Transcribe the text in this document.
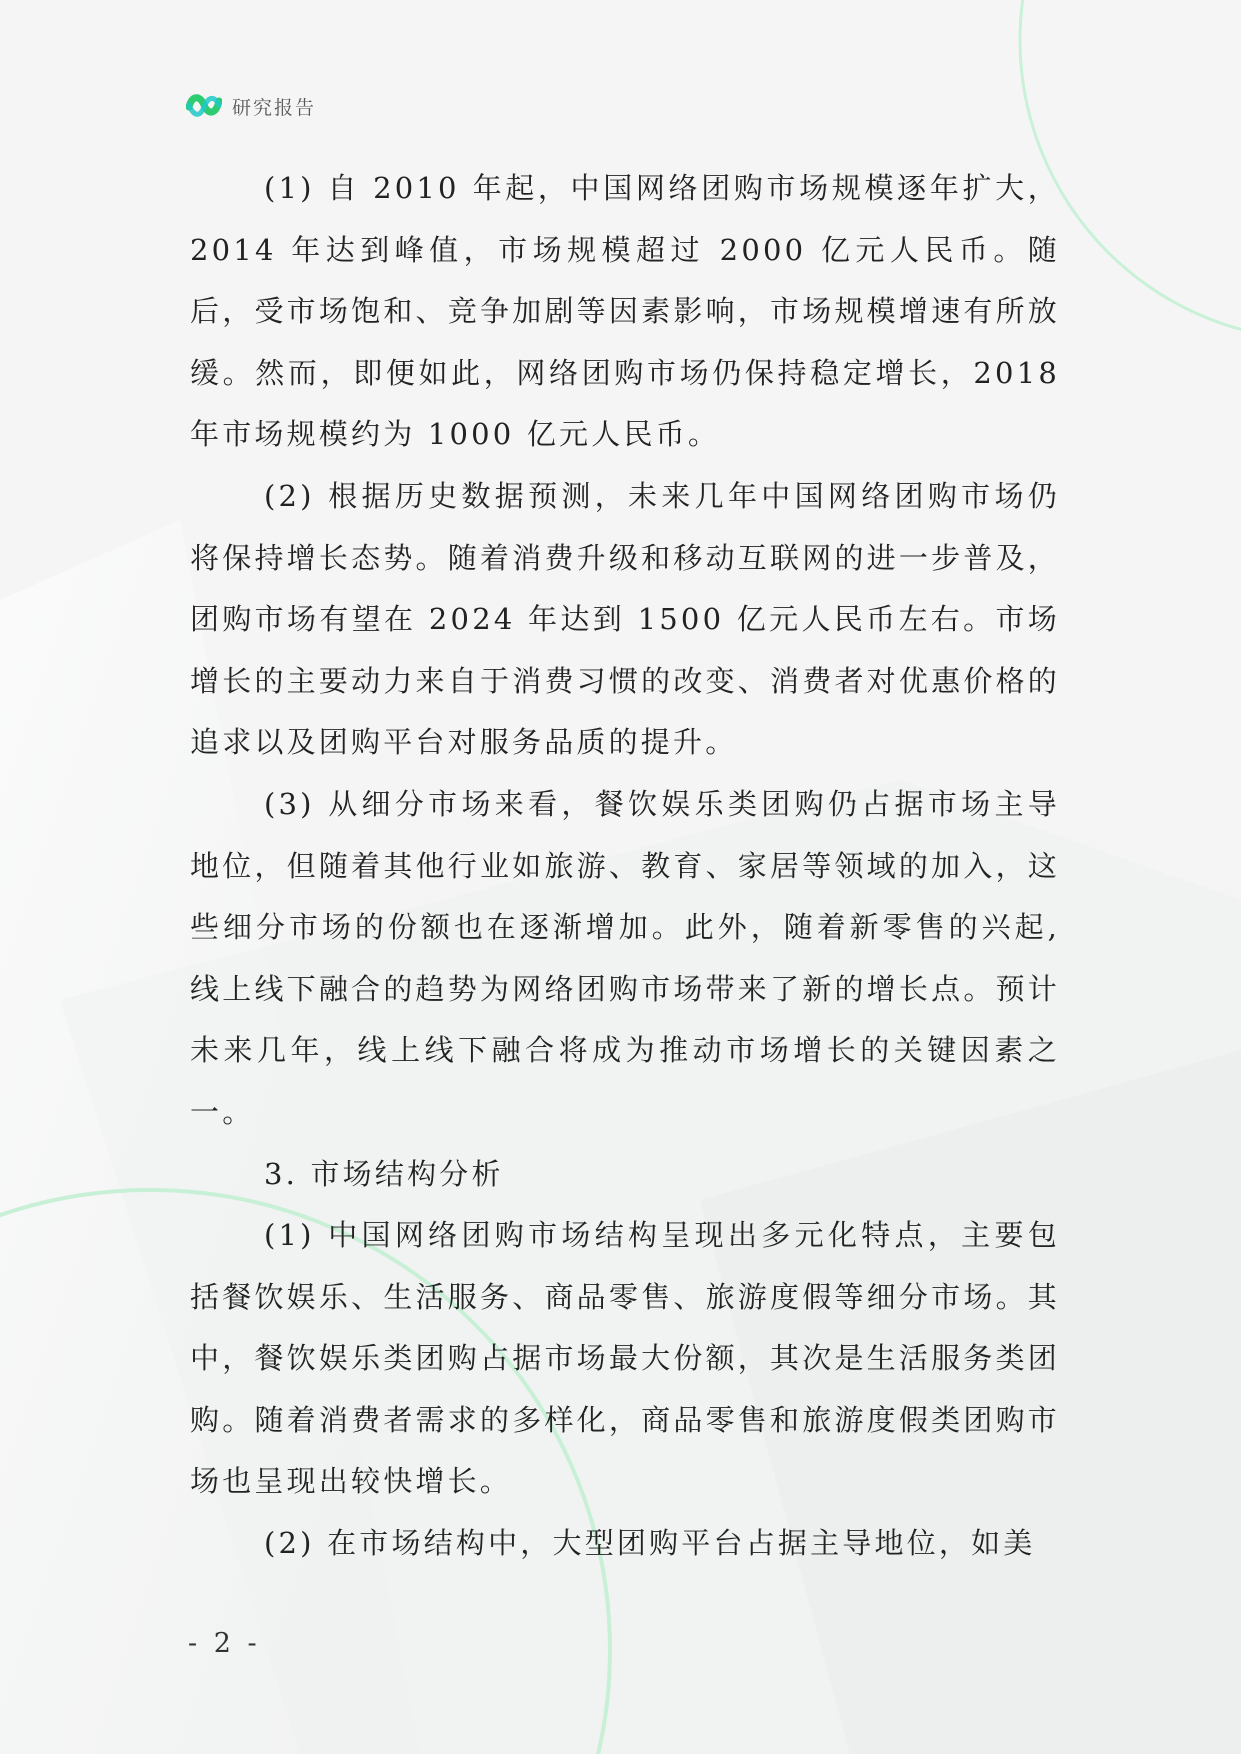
研究报告

(1) 自 2010 年起，中国网络团购市场规模逐年扩大，2014 年达到峰值，市场规模超过 2000 亿元人民币。随后，受市场饱和、竞争加剧等因素影响，市场规模增速有所放缓。然而，即便如此，网络团购市场仍保持稳定增长，2018 年市场规模约为 1000 亿元人民币。

(2) 根据历史数据预测，未来几年中国网络团购市场仍将保持增长态势。随着消费升级和移动互联网的进一步普及，团购市场有望在 2024 年达到 1500 亿元人民币左右。市场增长的主要动力来自于消费习惯的改变、消费者对优惠价格的追求以及团购平台对服务品质的提升。

(3) 从细分市场来看，餐饮娱乐类团购仍占据市场主导地位，但随着其他行业如旅游、教育、家居等领域的加入，这些细分市场的份额也在逐渐增加。此外，随着新零售的兴起,线上线下融合的趋势为网络团购市场带来了新的增长点。预计未来几年，线上线下融合将成为推动市场增长的关键因素之一。

3. 市场结构分析

(1) 中国网络团购市场结构呈现出多元化特点，主要包括餐饮娱乐、生活服务、商品零售、旅游度假等细分市场。其中，餐饮娱乐类团购占据市场最大份额，其次是生活服务类团购。随着消费者需求的多样化，商品零售和旅游度假类团购市场也呈现出较快增长。

(2) 在市场结构中，大型团购平台占据主导地位，如美

- 2 -
